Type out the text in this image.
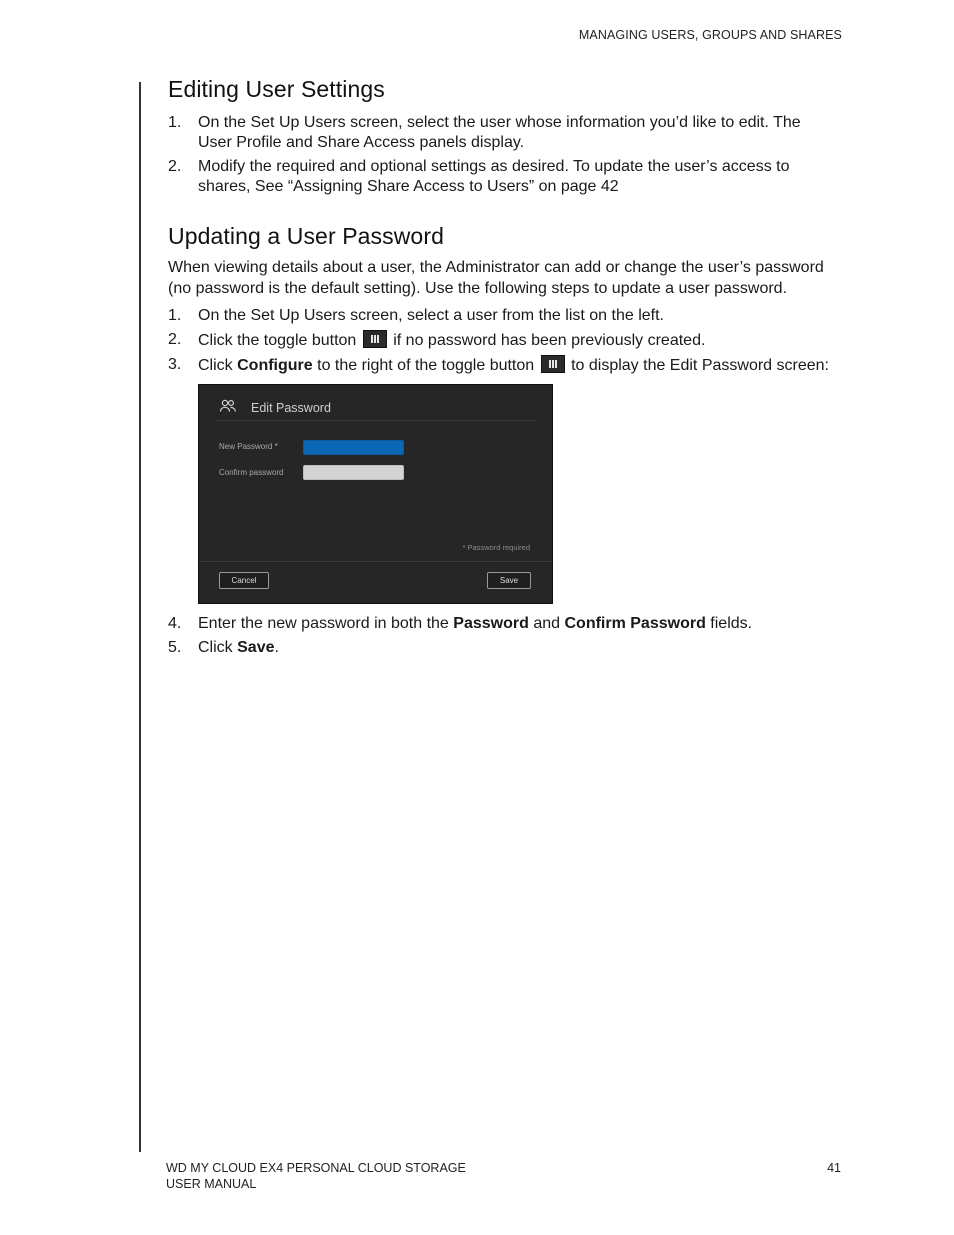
MANAGING USERS, GROUPS AND SHARES
Editing User Settings
1. On the Set Up Users screen, select the user whose information you’d like to edit. The User Profile and Share Access panels display.
2. Modify the required and optional settings as desired. To update the user’s access to shares, See “Assigning Share Access to Users” on page 42
Updating a User Password

When viewing details about a user, the Administrator can add or change the user’s password (no password is the default setting). Use the following steps to update a user password.

1. On the Set Up Users screen, select a user from the list on the left.
2. Click the toggle button if no password has been previously created.
3. Click Configure to the right of the toggle button to display the Edit Password screen:
Edit Password
New Password *
Confirm password
* Password required
Cancel	Save
4. Enter the new password in both the Password and Confirm Password fields.
5. Click Save.
WD MY CLOUD EX4 PERSONAL CLOUD STORAGE
USER MANUAL
41
